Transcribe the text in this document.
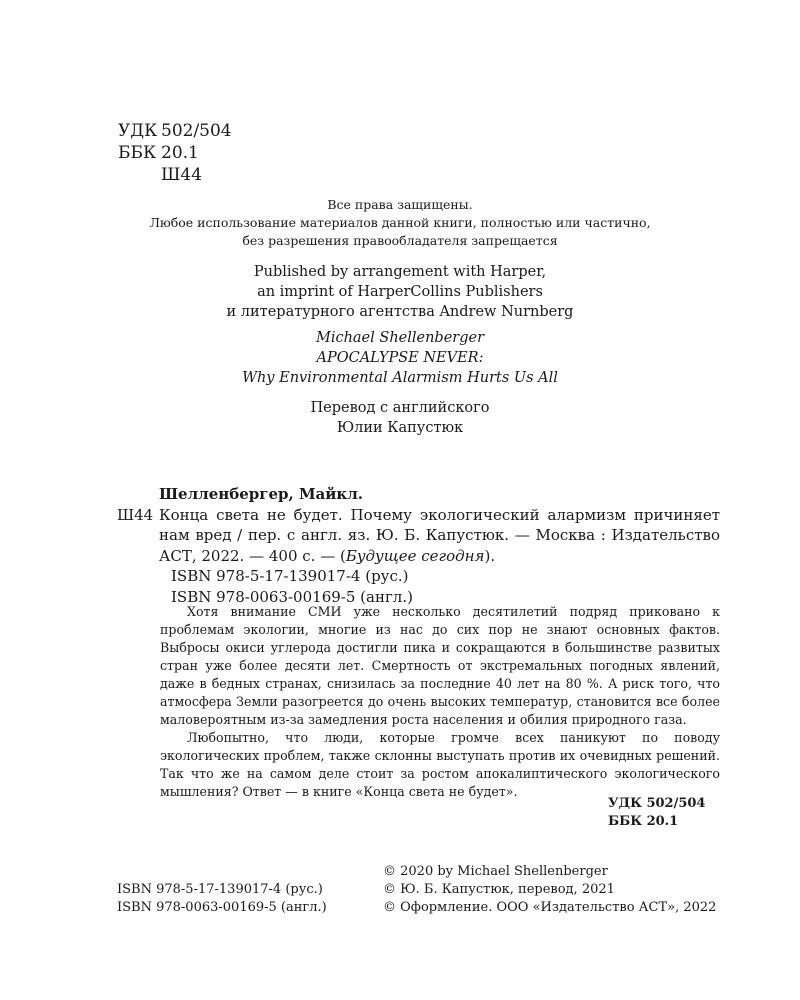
УДК 502/504
ББК 20.1
Ш44
Все права защищены.
Любое использование материалов данной книги, полностью или частично,
без разрешения правообладателя запрещается
Published by arrangement with Harper,
an imprint of HarperCollins Publishers
и литературного агентства Andrew Nurnberg
Michael Shellenberger
APOCALYPSE NEVER:
Why Environmental Alarmism Hurts Us All
Перевод с английского
Юлии Капустюк
Шелленбергер, Майкл.
Ш44 Конца света не будет. Почему экологический алармизм причиняет нам вред / пер. с англ. яз. Ю. Б. Капустюк. — Москва : Издательство АСТ, 2022. — 400 с. — (Будущее сегодня).
ISBN 978-5-17-139017-4 (рус.)
ISBN 978-0063-00169-5 (англ.)

Хотя внимание СМИ уже несколько десятилетий подряд приковано к проблемам экологии, многие из нас до сих пор не знают основных фактов. Выбросы окиси углерода достигли пика и сокращаются в большинстве развитых стран уже более десяти лет. Смертность от экстремальных погодных явлений, даже в бедных странах, снизилась за последние 40 лет на 80 %. А риск того, что атмосфера Земли разогреется до очень высоких температур, становится все более маловероятным из-за замедления роста населения и обилия природного газа.

Любопытно, что люди, которые громче всех паникуют по поводу экологических проблем, также склонны выступать против их очевидных решений. Так что же на самом деле стоит за ростом апокалиптического экологического мышления? Ответ — в книге «Конца света не будет».

УДК 502/504
ББК 20.1
ISBN 978-5-17-139017-4 (рус.)
ISBN 978-0063-00169-5 (англ.)
© 2020 by Michael Shellenberger
© Ю. Б. Капустюк, перевод, 2021
© Оформление. ООО «Издательство АСТ», 2022
